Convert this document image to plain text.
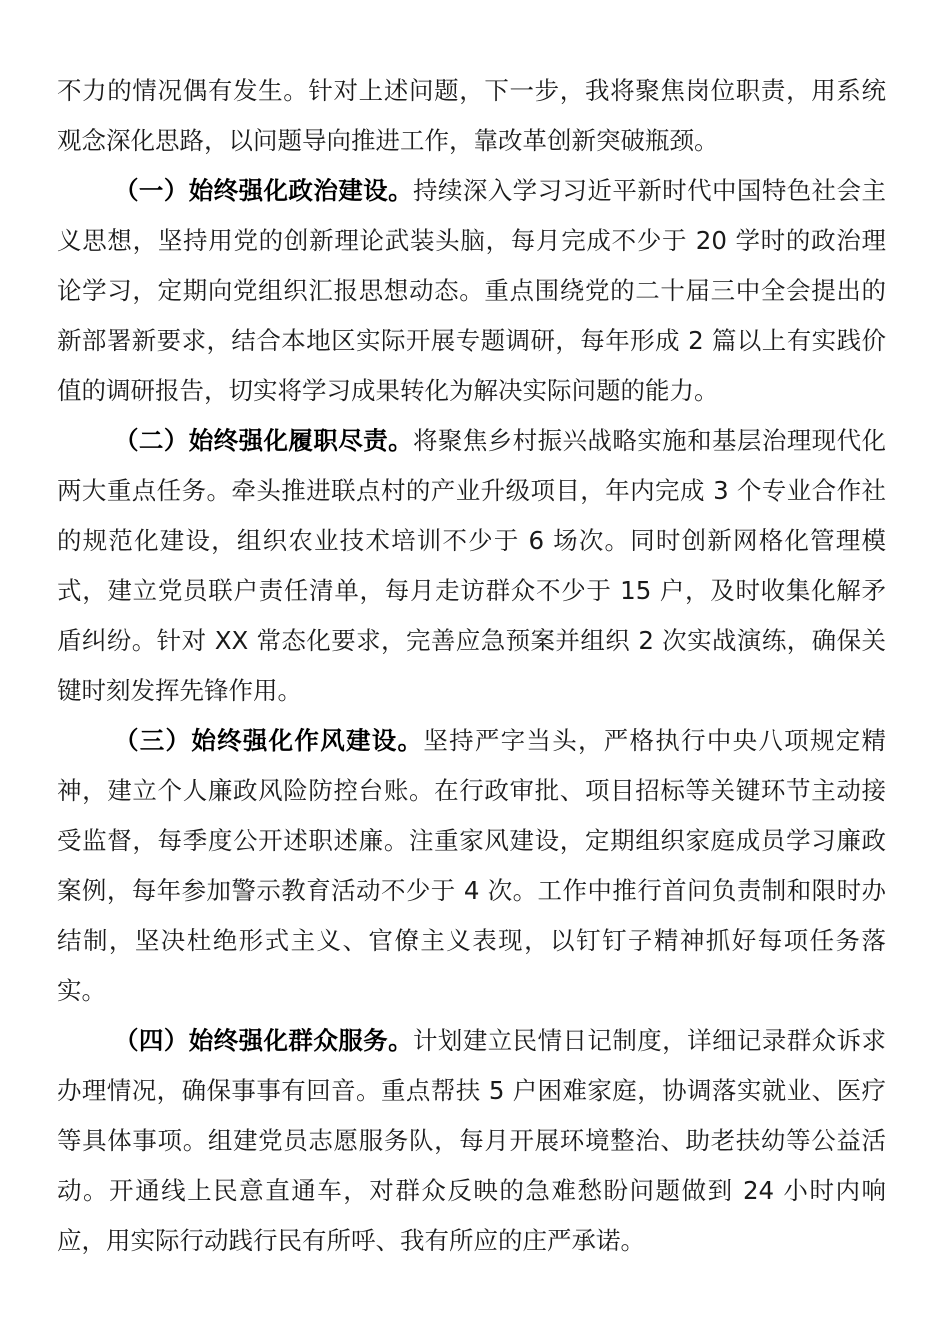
不力的情况偶有发生。针对上述问题，下一步，我将聚焦岗位职责，用系统观念深化思路，以问题导向推进工作，靠改革创新突破瓶颈。

（一）始终强化政治建设。持续深入学习习近平新时代中国特色社会主义思想，坚持用党的创新理论武装头脑，每月完成不少于 20 学时的政治理论学习，定期向党组织汇报思想动态。重点围绕党的二十届三中全会提出的新部署新要求，结合本地区实际开展专题调研，每年形成 2 篇以上有实践价值的调研报告，切实将学习成果转化为解决实际问题的能力。

（二）始终强化履职尽责。将聚焦乡村振兴战略实施和基层治理现代化两大重点任务。牵头推进联点村的产业升级项目，年内完成 3 个专业合作社的规范化建设，组织农业技术培训不少于 6 场次。同时创新网格化管理模式，建立党员联户责任清单，每月走访群众不少于 15 户，及时收集化解矛盾纠纷。针对 XX 常态化要求，完善应急预案并组织 2 次实战演练，确保关键时刻发挥先锋作用。

（三）始终强化作风建设。坚持严字当头，严格执行中央八项规定精神，建立个人廉政风险防控台账。在行政审批、项目招标等关键环节主动接受监督，每季度公开述职述廉。注重家风建设，定期组织家庭成员学习廉政案例，每年参加警示教育活动不少于 4 次。工作中推行首问负责制和限时办结制，坚决杜绝形式主义、官僚主义表现，以钉钉子精神抓好每项任务落实。

（四）始终强化群众服务。计划建立民情日记制度，详细记录群众诉求办理情况，确保事事有回音。重点帮扶 5 户困难家庭，协调落实就业、医疗等具体事项。组建党员志愿服务队，每月开展环境整治、助老扶幼等公益活动。开通线上民意直通车，对群众反映的急难愁盼问题做到 24 小时内响应，用实际行动践行民有所呼、我有所应的庄严承诺。
